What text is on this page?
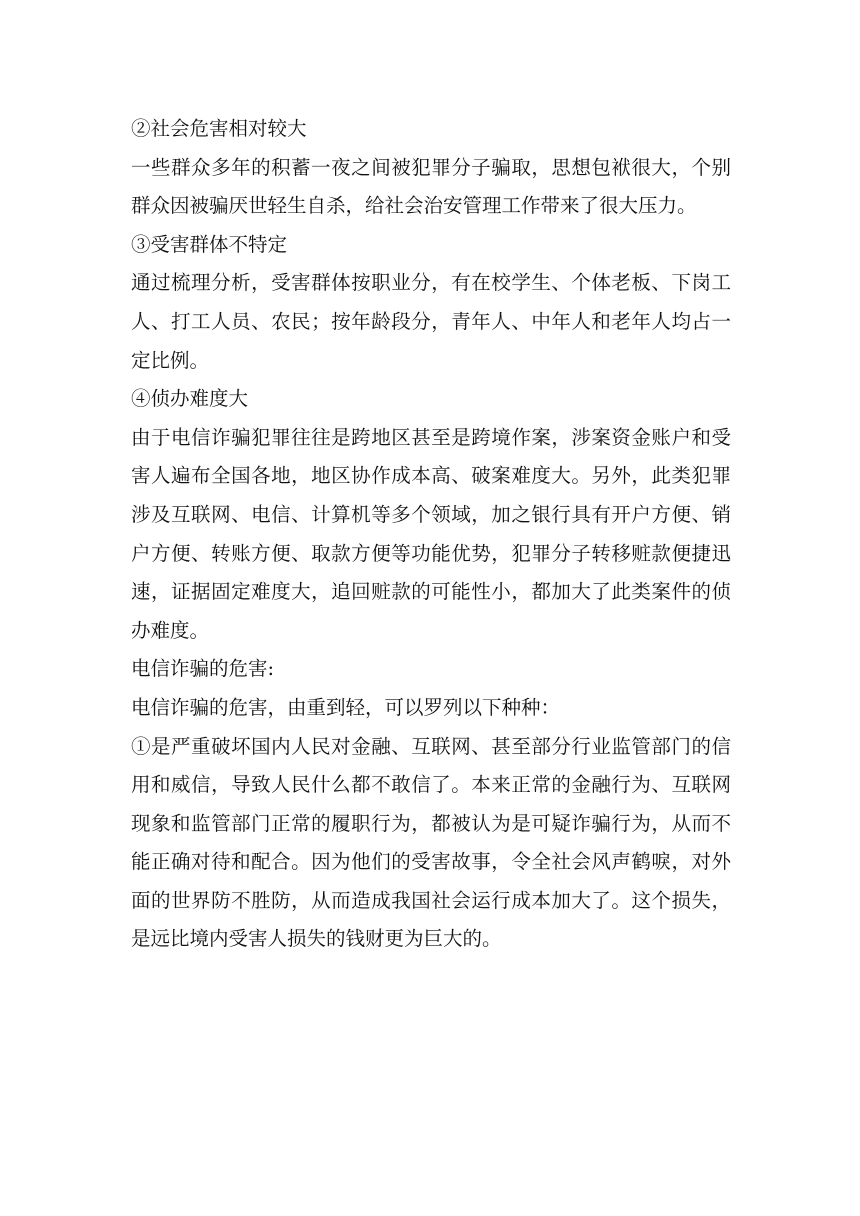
②社会危害相对较大

一些群众多年的积蓄一夜之间被犯罪分子骗取，思想包袱很大，个别群众因被骗厌世轻生自杀，给社会治安管理工作带来了很大压力。

③受害群体不特定

通过梳理分析，受害群体按职业分，有在校学生、个体老板、下岗工人、打工人员、农民；按年龄段分，青年人、中年人和老年人均占一定比例。

④侦办难度大

由于电信诈骗犯罪往往是跨地区甚至是跨境作案，涉案资金账户和受害人遍布全国各地，地区协作成本高、破案难度大。另外，此类犯罪涉及互联网、电信、计算机等多个领域，加之银行具有开户方便、销户方便、转账方便、取款方便等功能优势，犯罪分子转移赃款便捷迅速，证据固定难度大，追回赃款的可能性小，都加大了此类案件的侦办难度。

电信诈骗的危害:

电信诈骗的危害，由重到轻，可以罗列以下种种：

①是严重破坏国内人民对金融、互联网、甚至部分行业监管部门的信用和威信，导致人民什么都不敢信了。本来正常的金融行为、互联网现象和监管部门正常的履职行为，都被认为是可疑诈骗行为，从而不能正确对待和配合。因为他们的受害故事，令全社会风声鹤唳，对外面的世界防不胜防，从而造成我国社会运行成本加大了。这个损失，是远比境内受害人损失的钱财更为巨大的。
